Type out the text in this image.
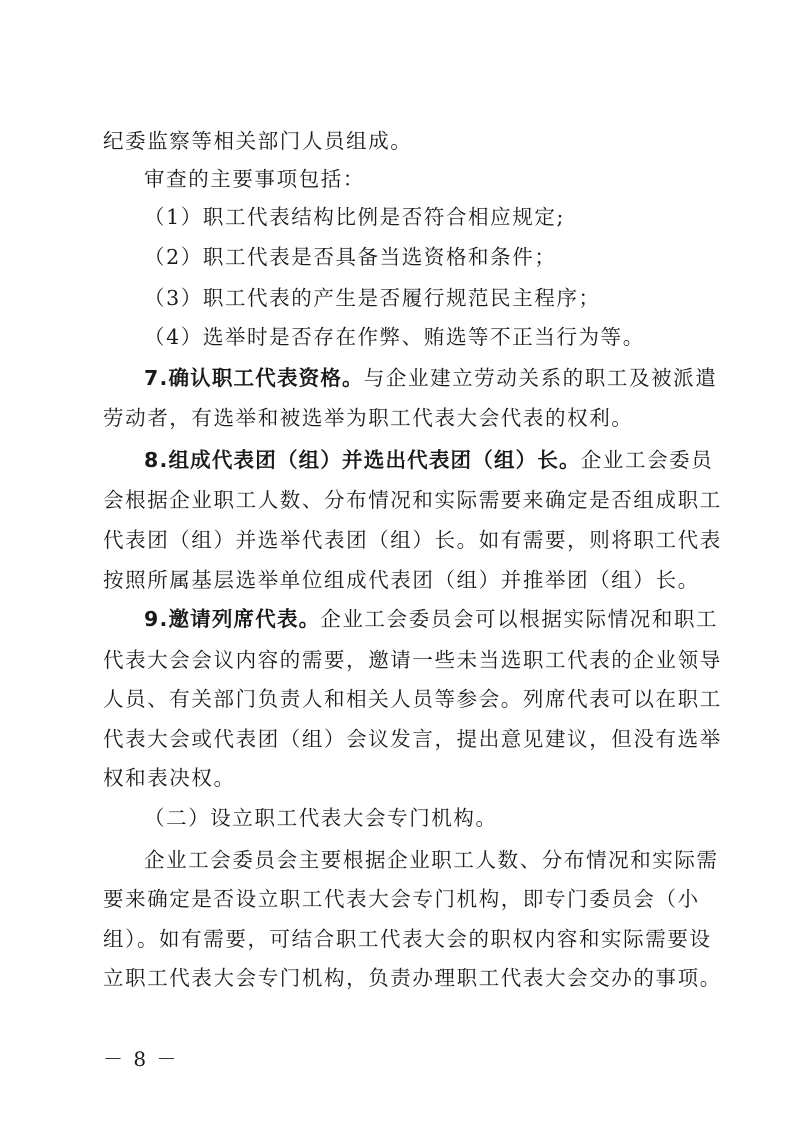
纪委监察等相关部门人员组成。
审查的主要事项包括：
（1）职工代表结构比例是否符合相应规定;
（2）职工代表是否具备当选资格和条件；
（3）职工代表的产生是否履行规范民主程序；
（4）选举时是否存在作弊、贿选等不正当行为等。
7.确认职工代表资格。与企业建立劳动关系的职工及被派遣
劳动者，有选举和被选举为职工代表大会代表的权利。
8.组成代表团（组）并选出代表团（组）长。企业工会委员
会根据企业职工人数、分布情况和实际需要来确定是否组成职工
代表团（组）并选举代表团（组）长。如有需要，则将职工代表
按照所属基层选举单位组成代表团（组）并推举团（组）长。
9.邀请列席代表。企业工会委员会可以根据实际情况和职工
代表大会会议内容的需要，邀请一些未当选职工代表的企业领导
人员、有关部门负责人和相关人员等参会。列席代表可以在职工
代表大会或代表团（组）会议发言，提出意见建议，但没有选举
权和表决权。
（二）设立职工代表大会专门机构。
企业工会委员会主要根据企业职工人数、分布情况和实际需
要来确定是否设立职工代表大会专门机构，即专门委员会（小
组）。如有需要，可结合职工代表大会的职权内容和实际需要设
立职工代表大会专门机构，负责办理职工代表大会交办的事项。
－ 8 －
